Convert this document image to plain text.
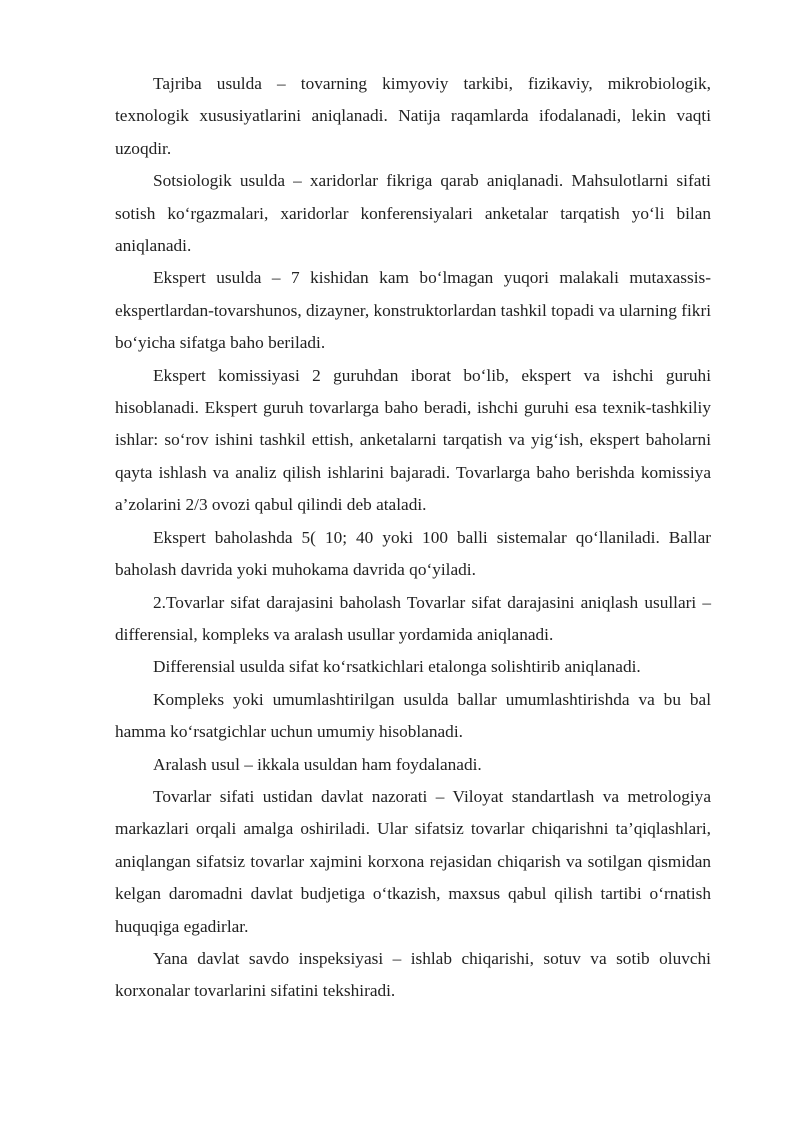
Tajriba usulda – tovarning kimyoviy tarkibi, fizikaviy, mikrobiologik, texnologik xususiyatlarini aniqlanadi. Natija raqamlarda ifodalanadi, lekin vaqti uzoqdir.

Sotsiologik usulda – xaridorlar fikriga qarab aniqlanadi. Mahsulotlarni sifati sotish ko‘rgazmalari, xaridorlar konferensiyalari anketalar tarqatish yo‘li bilan aniqlanadi.

Ekspert usulda – 7 kishidan kam bo‘lmagan yuqori malakali mutaxassis-ekspertlardan-tovarshunos, dizayner, konstruktorlardan tashkil topadi va ularning fikri bo‘yicha sifatga baho beriladi.

Ekspert komissiyasi 2 guruhdan iborat bo‘lib, ekspert va ishchi guruhi hisoblanadi. Ekspert guruh tovarlarga baho beradi, ishchi guruhi esa texnik-tashkiliy ishlar: so‘rov ishini tashkil ettish, anketalarni tarqatish va yig‘ish, ekspert baholarni qayta ishlash va analiz qilish ishlarini bajaradi. Tovarlarga baho berishda komissiya a’zolarini 2/3 ovozi qabul qilindi deb ataladi.

Ekspert baholashda 5( 10; 40 yoki 100 balli sistemalar qo‘llaniladi. Ballar baholash davrida yoki muhokama davrida qo‘yiladi.

2.Tovarlar sifat darajasini baholash Tovarlar sifat darajasini aniqlash usullari – differensial, kompleks va aralash usullar yordamida aniqlanadi.

Differensial usulda sifat ko‘rsatkichlari etalonga solishtirib aniqlanadi.

Kompleks yoki umumlashtirilgan usulda ballar umumlashtirishda va bu bal hamma ko‘rsatgichlar uchun umumiy hisoblanadi.

Aralash usul – ikkala usuldan ham foydalanadi.

Tovarlar sifati ustidan davlat nazorati – Viloyat standartlash va metrologiya markazlari orqali amalga oshiriladi. Ular sifatsiz tovarlar chiqarishni ta’qiqlashlari, aniqlangan sifatsiz tovarlar xajmini korxona rejasidan chiqarish va sotilgan qismidan kelgan daromadni davlat budjetiga o‘tkazish, maxsus qabul qilish tartibi o‘rnatish huquqiga egadirlar.

Yana davlat savdo inspeksiyasi – ishlab chiqarishi, sotuv va sotib oluvchi korxonalar tovarlarini sifatini tekshiradi.
